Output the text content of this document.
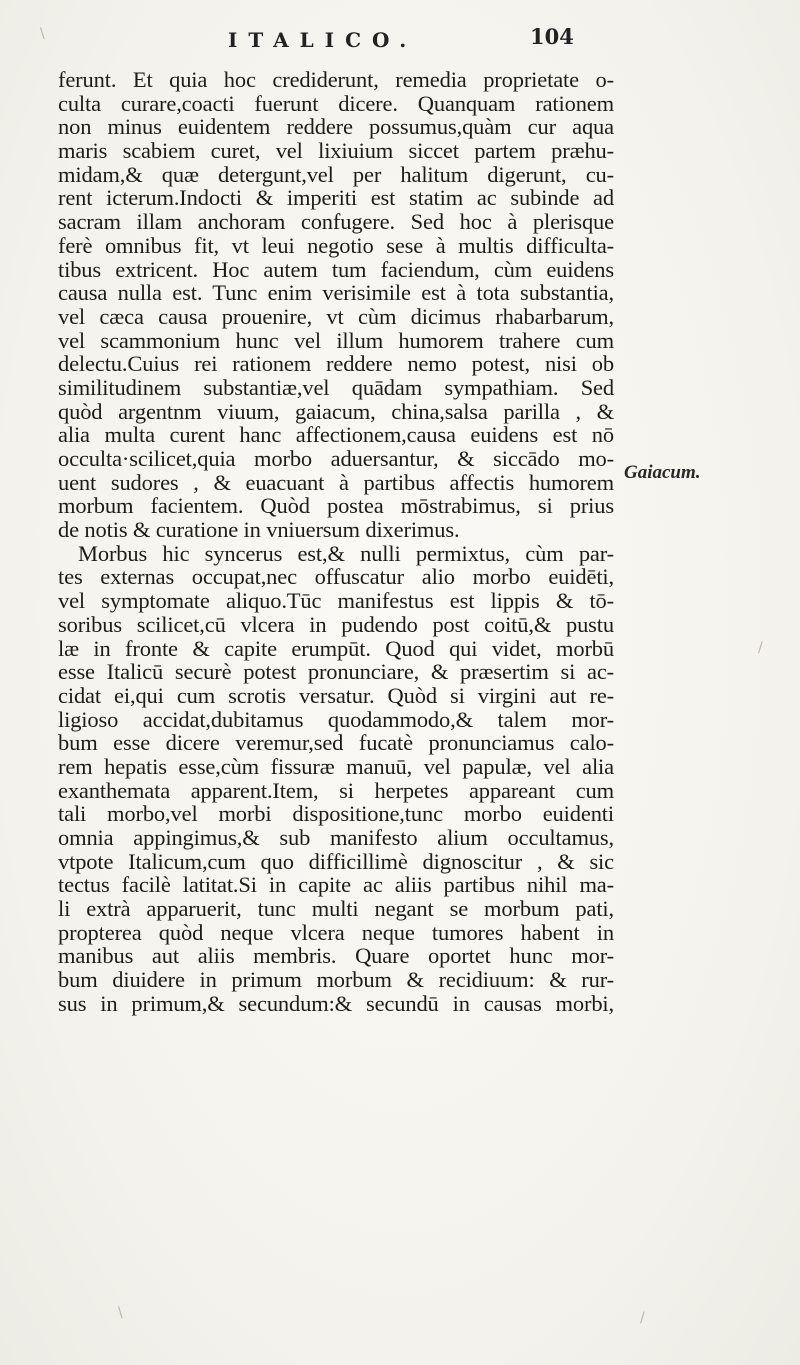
ITALICO.	104
ferunt. Et quia hoc crediderunt, remedia proprietate o-
culta curare,coacti fuerunt dicere. Quanquam rationem
non minus euidentem reddere possumus,quàm cur aqua
maris scabiem curet, vel lixiuium siccet partem præhu-
midam,& quæ detergunt,vel per halitum digerunt, cu-
rent icterum.Indocti & imperiti est statim ac subinde ad
sacram illam anchoram confugere. Sed hoc à plerisque
ferè omnibus fit, vt leui negotio sese à multis difficulta-
tibus extricent. Hoc autem tum faciendum, cùm euidens
causa nulla est. Tunc enim verisimile est à tota substantia,
vel cæca causa prouenire, vt cùm dicimus rhabarbarum,
vel scammonium hunc vel illum humorem trahere cum
delectu.Cuius rei rationem reddere nemo potest, nisi ob
similitudinem substantiæ,vel quādam sympathiam. Sed
quòd argentnm viuum, gaiacum, china,salsa parilla , &
alia multa curent hanc affectionem,causa euidens est nō
occulta·scilicet,quia morbo aduersantur, & siccādo mo-
uent sudores , & euacuant à partibus affectis humorem
morbum facientem. Quòd postea mōstrabimus, si prius
de notis & curatione in vniuersum dixerimus.
Morbus hic syncerus est,& nulli permixtus, cùm par-
tes externas occupat,nec offuscatur alio morbo euidēti,
vel symptomate aliquo.Tūc manifestus est lippis & tō-
soribus scilicet,cū vlcera in pudendo post coitū,& pustu
læ in fronte & capite erumpūt. Quod qui videt, morbū
esse Italicū securè potest pronunciare, & præsertim si ac-
cidat ei,qui cum scrotis versatur. Quòd si virgini aut re-
ligioso accidat,dubitamus quodammodo,& talem mor-
bum esse dicere veremur,sed fucatè pronunciamus calo-
rem hepatis esse,cùm fissuræ manuū, vel papulæ, vel alia
exanthemata apparent.Item, si herpetes appareant cum
tali morbo,vel morbi dispositione,tunc morbo euidenti
omnia appingimus,& sub manifesto alium occultamus,
vtpote Italicum,cum quo difficillimè dignoscitur , & sic
tectus facilè latitat.Si in capite ac aliis partibus nihil ma-
li extrà apparuerit, tunc multi negant se morbum pati,
propterea quòd neque vlcera neque tumores habent in
manibus aut aliis membris. Quare oportet hunc mor-
bum diuidere in primum morbum & recidiuum: & rur-
sus in primum,& secundum:& secundū in causas morbi,
Gaiacum.
\
/
\	/
